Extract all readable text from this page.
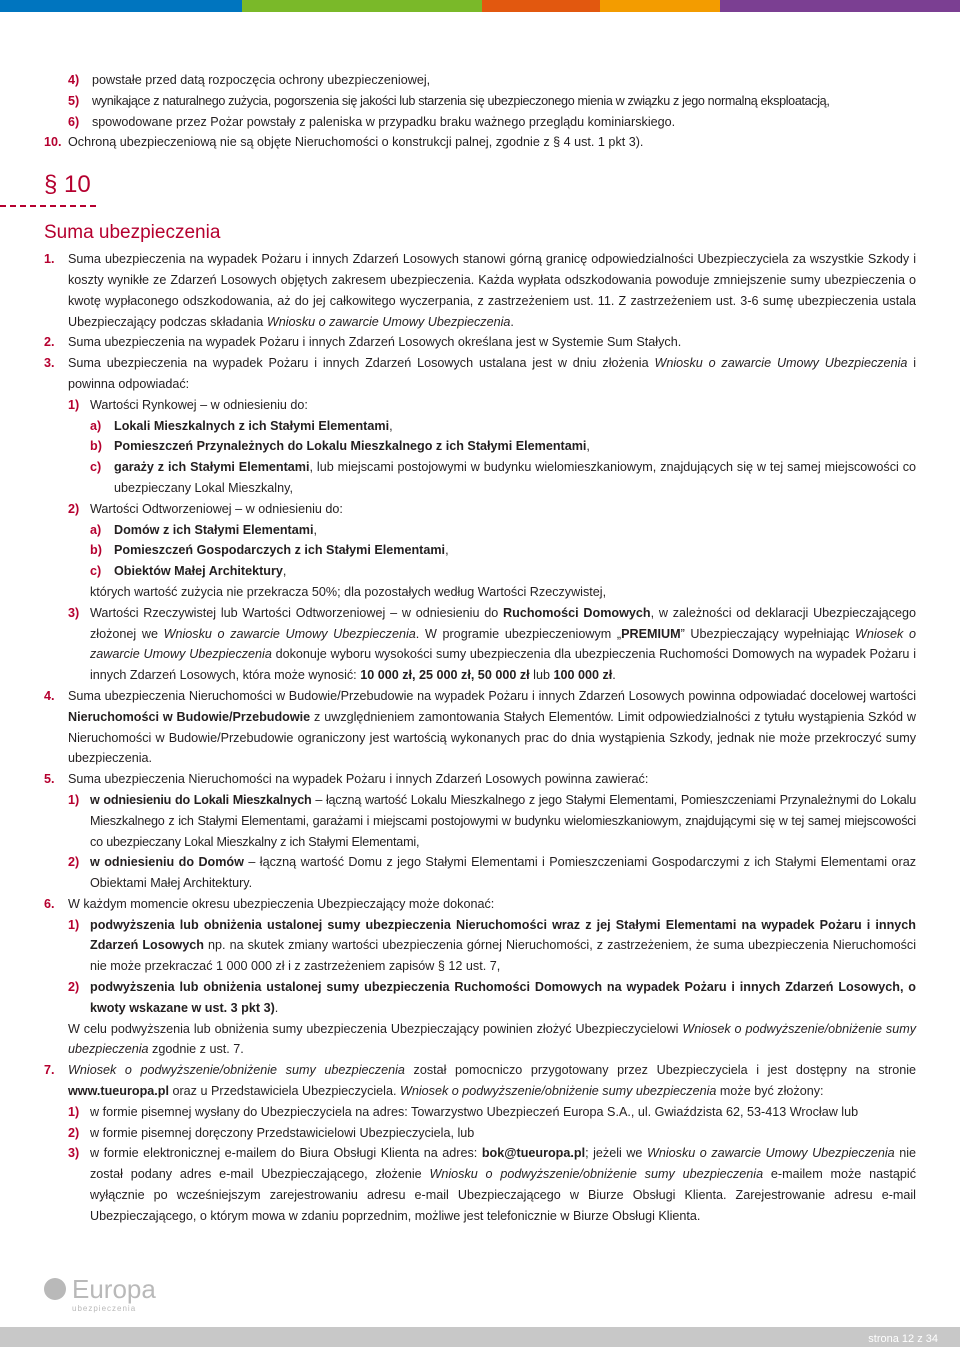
4)	powstałe przed datą rozpoczęcia ochrony ubezpieczeniowej,
5)	wynikające z naturalnego zużycia, pogorszenia się jakości lub starzenia się ubezpieczonego mienia w związku z jego normalną eksploatacją,
6)	spowodowane przez Pożar powstały z paleniska w przypadku braku ważnego przeglądu kominiarskiego.
10. Ochroną ubezpieczeniową nie są objęte Nieruchomości o konstrukcji palnej, zgodnie z § 4 ust. 1 pkt 3).
§ 10
Suma ubezpieczenia
1.	Suma ubezpieczenia na wypadek Pożaru i innych Zdarzeń Losowych stanowi górną granicę odpowiedzialności Ubezpieczyciela za wszystkie Szkody i koszty wynikłe ze Zdarzeń Losowych objętych zakresem ubezpieczenia. Każda wypłata odszkodowania powoduje zmniejszenie sumy ubezpieczenia o kwotę wypłaconego odszkodowania, aż do jej całkowitego wyczerpania, z zastrzeżeniem ust. 11. Z zastrzeżeniem ust. 3-6 sumę ubezpieczenia ustala Ubezpieczający podczas składania Wniosku o zawarcie Umowy Ubezpieczenia.
2.	Suma ubezpieczenia na wypadek Pożaru i innych Zdarzeń Losowych określana jest w Systemie Sum Stałych.
3.	Suma ubezpieczenia na wypadek Pożaru i innych Zdarzeń Losowych ustalana jest w dniu złożenia Wniosku o zawarcie Umowy Ubezpieczenia i powinna odpowiadać:
1) Wartości Rynkowej – w odniesieniu do:
a)	Lokali Mieszkalnych z ich Stałymi Elementami,
b) Pomieszczeń Przynależnych do Lokalu Mieszkalnego z ich Stałymi Elementami,
c)	garaży z ich Stałymi Elementami, lub miejscami postojowymi w budynku wielomieszkaniowym, znajdujących się w tej samej miejscowości co ubezpieczany Lokal Mieszkalny,
2) Wartości Odtworzeniowej – w odniesieniu do:
a)	Domów z ich Stałymi Elementami,
b) Pomieszczeń Gospodarczych z ich Stałymi Elementami,
c)	Obiektów Małej Architektury,
których wartość zużycia nie przekracza 50%; dla pozostałych według Wartości Rzeczywistej,
3) Wartości Rzeczywistej lub Wartości Odtworzeniowej – w odniesieniu do Ruchomości Domowych, w zależności od deklaracji Ubezpieczającego złożonej we Wniosku o zawarcie Umowy Ubezpieczenia. W programie ubezpieczeniowym „PREMIUM” Ubezpieczający wypełniając Wniosek o zawarcie Umowy Ubezpieczenia dokonuje wyboru wysokości sumy ubezpieczenia dla ubezpieczenia Ruchomości Domowych na wypadek Pożaru i innych Zdarzeń Losowych, która może wynosić: 10 000 zł, 25 000 zł, 50 000 zł lub 100 000 zł.
4.	Suma ubezpieczenia Nieruchomości w Budowie/Przebudowie na wypadek Pożaru i innych Zdarzeń Losowych powinna odpowiadać docelowej wartości Nieruchomości w Budowie/Przebudowie z uwzględnieniem zamontowania Stałych Elementów. Limit odpowiedzialności z tytułu wystąpienia Szkód w Nieruchomości w Budowie/Przebudowie ograniczony jest wartością wykonanych prac do dnia wystąpienia Szkody, jednak nie może przekroczyć sumy ubezpieczenia.
5.	Suma ubezpieczenia Nieruchomości na wypadek Pożaru i innych Zdarzeń Losowych powinna zawierać:
1) w odniesieniu do Lokali Mieszkalnych – łączną wartość Lokalu Mieszkalnego z jego Stałymi Elementami, Pomieszczeniami Przynależnymi do Lokalu Mieszkalnego z ich Stałymi Elementami, garażami i miejscami postojowymi w budynku wielomieszkaniowym, znajdującymi się w tej samej miejscowości co ubezpieczany Lokal Mieszkalny z ich Stałymi Elementami,
2) w odniesieniu do Domów – łączną wartość Domu z jego Stałymi Elementami i Pomieszczeniami Gospodarczymi z ich Stałymi Elementami oraz Obiektami Małej Architektury.
6.	W każdym momencie okresu ubezpieczenia Ubezpieczający może dokonać:
1) podwyższenia lub obniżenia ustalonej sumy ubezpieczenia Nieruchomości wraz z jej Stałymi Elementami na wypadek Pożaru i innych Zdarzeń Losowych np. na skutek zmiany wartości ubezpieczenia górnej Nieruchomości, z zastrzeżeniem, że suma ubezpieczenia Nieruchomości nie może przekraczać 1 000 000 zł i z zastrzeżeniem zapisów § 12 ust. 7,
2) podwyższenia lub obniżenia ustalonej sumy ubezpieczenia Ruchomości Domowych na wypadek Pożaru i innych Zdarzeń Losowych, o kwoty wskazane w ust. 3 pkt 3).
W celu podwyższenia lub obniżenia sumy ubezpieczenia Ubezpieczający powinien złożyć Ubezpieczycielowi Wniosek o podwyższenie/obniżenie sumy ubezpieczenia zgodnie z ust. 7.
7.	Wniosek o podwyższenie/obniżenie sumy ubezpieczenia został pomocniczo przygotowany przez Ubezpieczyciela i jest dostępny na stronie www.tueuropa.pl oraz u Przedstawiciela Ubezpieczyciela. Wniosek o podwyższenie/obniżenie sumy ubezpieczenia może być złożony:
1) w formie pisemnej wysłany do Ubezpieczyciela na adres: Towarzystwo Ubezpieczeń Europa S.A., ul. Gwiaździsta 62, 53-413 Wrocław lub
2) w formie pisemnej doręczony Przedstawicielowi Ubezpieczyciela, lub
3) w formie elektronicznej e-mailem do Biura Obsługi Klienta na adres: bok@tueuropa.pl; jeżeli we Wniosku o zawarcie Umowy Ubezpieczenia nie został podany adres e-mail Ubezpieczającego, złożenie Wniosku o podwyższenie/obniżenie sumy ubezpieczenia e-mailem może nastąpić wyłącznie po wcześniejszym zarejestrowaniu adresu e-mail Ubezpieczającego w Biurze Obsługi Klienta. Zarejestrowanie adresu e-mail Ubezpieczającego, o którym mowa w zdaniu poprzednim, możliwe jest telefonicznie w Biurze Obsługi Klienta.
Europa
ubezpieczenia
strona 12 z 34
